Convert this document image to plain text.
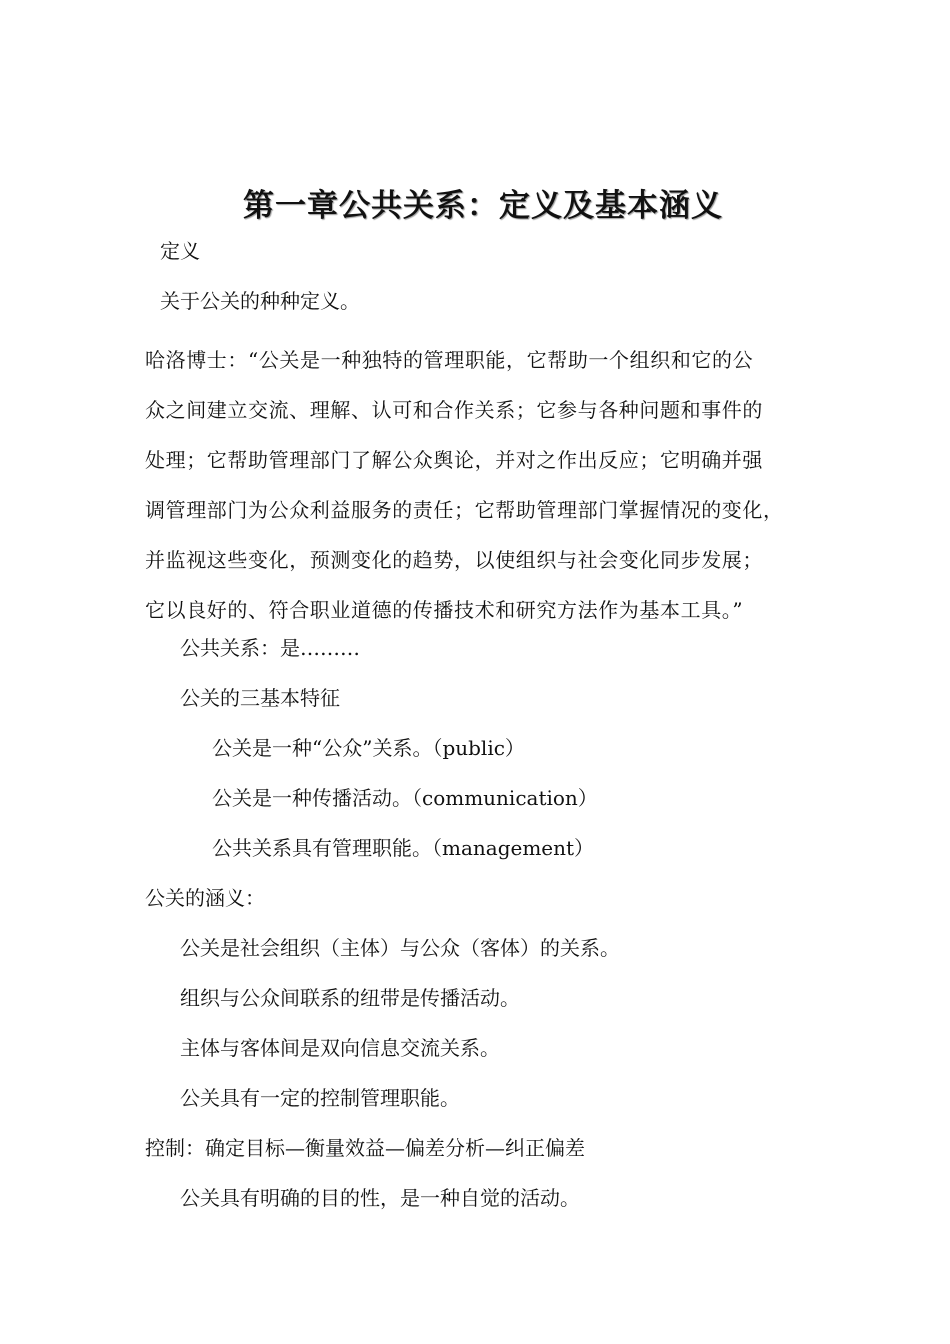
第一章公共关系：定义及基本涵义
定义
关于公关的种种定义。
哈洛博士：“公关是一种独特的管理职能，它帮助一个组织和它的公
众之间建立交流、理解、认可和合作关系；它参与各种问题和事件的
处理；它帮助管理部门了解公众舆论，并对之作出反应；它明确并强
调管理部门为公众利益服务的责任；它帮助管理部门掌握情况的变化，
并监视这些变化，预测变化的趋势，以使组织与社会变化同步发展；
它以良好的、符合职业道德的传播技术和研究方法作为基本工具。”
公共关系：是………
公关的三基本特征
公关是一种“公众”关系。（public）
公关是一种传播活动。（communication）
公共关系具有管理职能。（management）
公关的涵义：
公关是社会组织（主体）与公众（客体）的关系。
组织与公众间联系的纽带是传播活动。
主体与客体间是双向信息交流关系。
公关具有一定的控制管理职能。
控制：确定目标—衡量效益—偏差分析—纠正偏差
公关具有明确的目的性，是一种自觉的活动。
